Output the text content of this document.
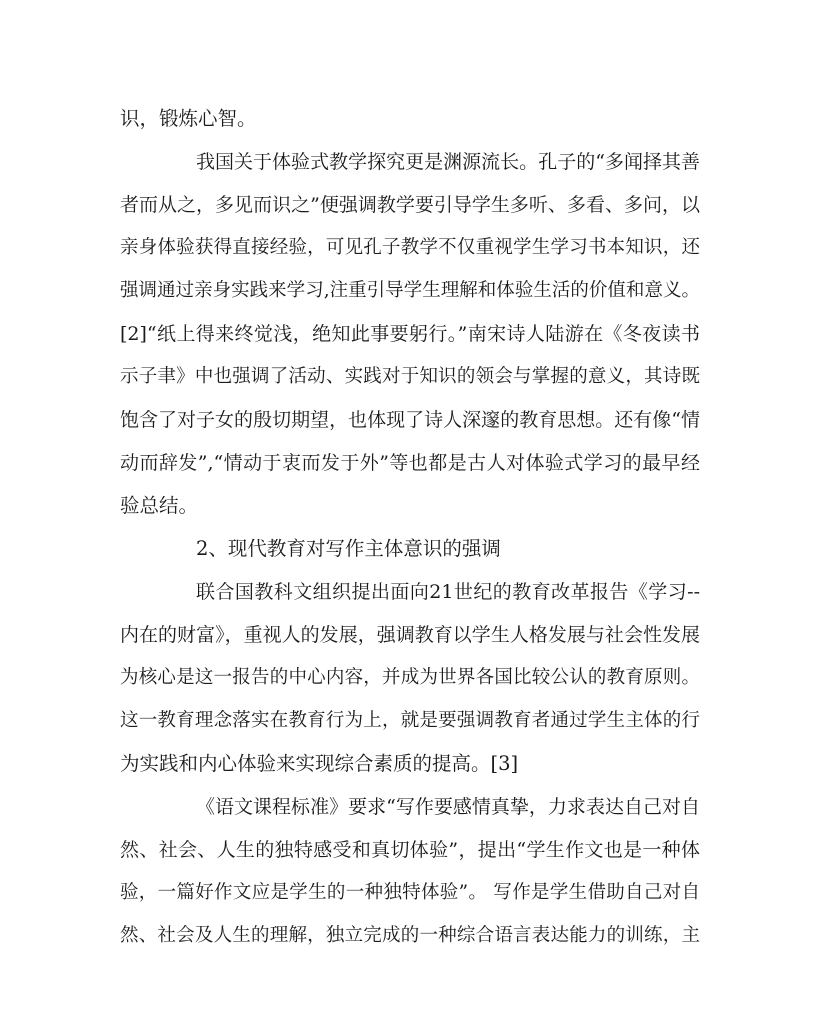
识，锻炼心智。
我国关于体验式教学探究更是渊源流长。孔子的“多闻择其善
者而从之，多见而识之”便强调教学要引导学生多听、多看、多问，以
亲身体验获得直接经验，可见孔子教学不仅重视学生学习书本知识，还
强调通过亲身实践来学习,注重引导学生理解和体验生活的价值和意义。
[2]“纸上得来终觉浅，绝知此事要躬行。”南宋诗人陆游在《冬夜读书
示子聿》中也强调了活动、实践对于知识的领会与掌握的意义，其诗既
饱含了对子女的殷切期望，也体现了诗人深邃的教育思想。还有像“情
动而辞发”,“情动于衷而发于外”等也都是古人对体验式学习的最早经
验总结。
2、现代教育对写作主体意识的强调
联合国教科文组织提出面向21世纪的教育改革报告《学习--
内在的财富》，重视人的发展，强调教育以学生人格发展与社会性发展
为核心是这一报告的中心内容，并成为世界各国比较公认的教育原则。
这一教育理念落实在教育行为上，就是要强调教育者通过学生主体的行
为实践和内心体验来实现综合素质的提高。[3]
《语文课程标准》要求“写作要感情真挚，力求表达自己对自
然、社会、人生的独特感受和真切体验”，提出“学生作文也是一种体
验，一篇好作文应是学生的一种独特体验”。 写作是学生借助自己对自
然、社会及人生的理解，独立完成的一种综合语言表达能力的训练，主
